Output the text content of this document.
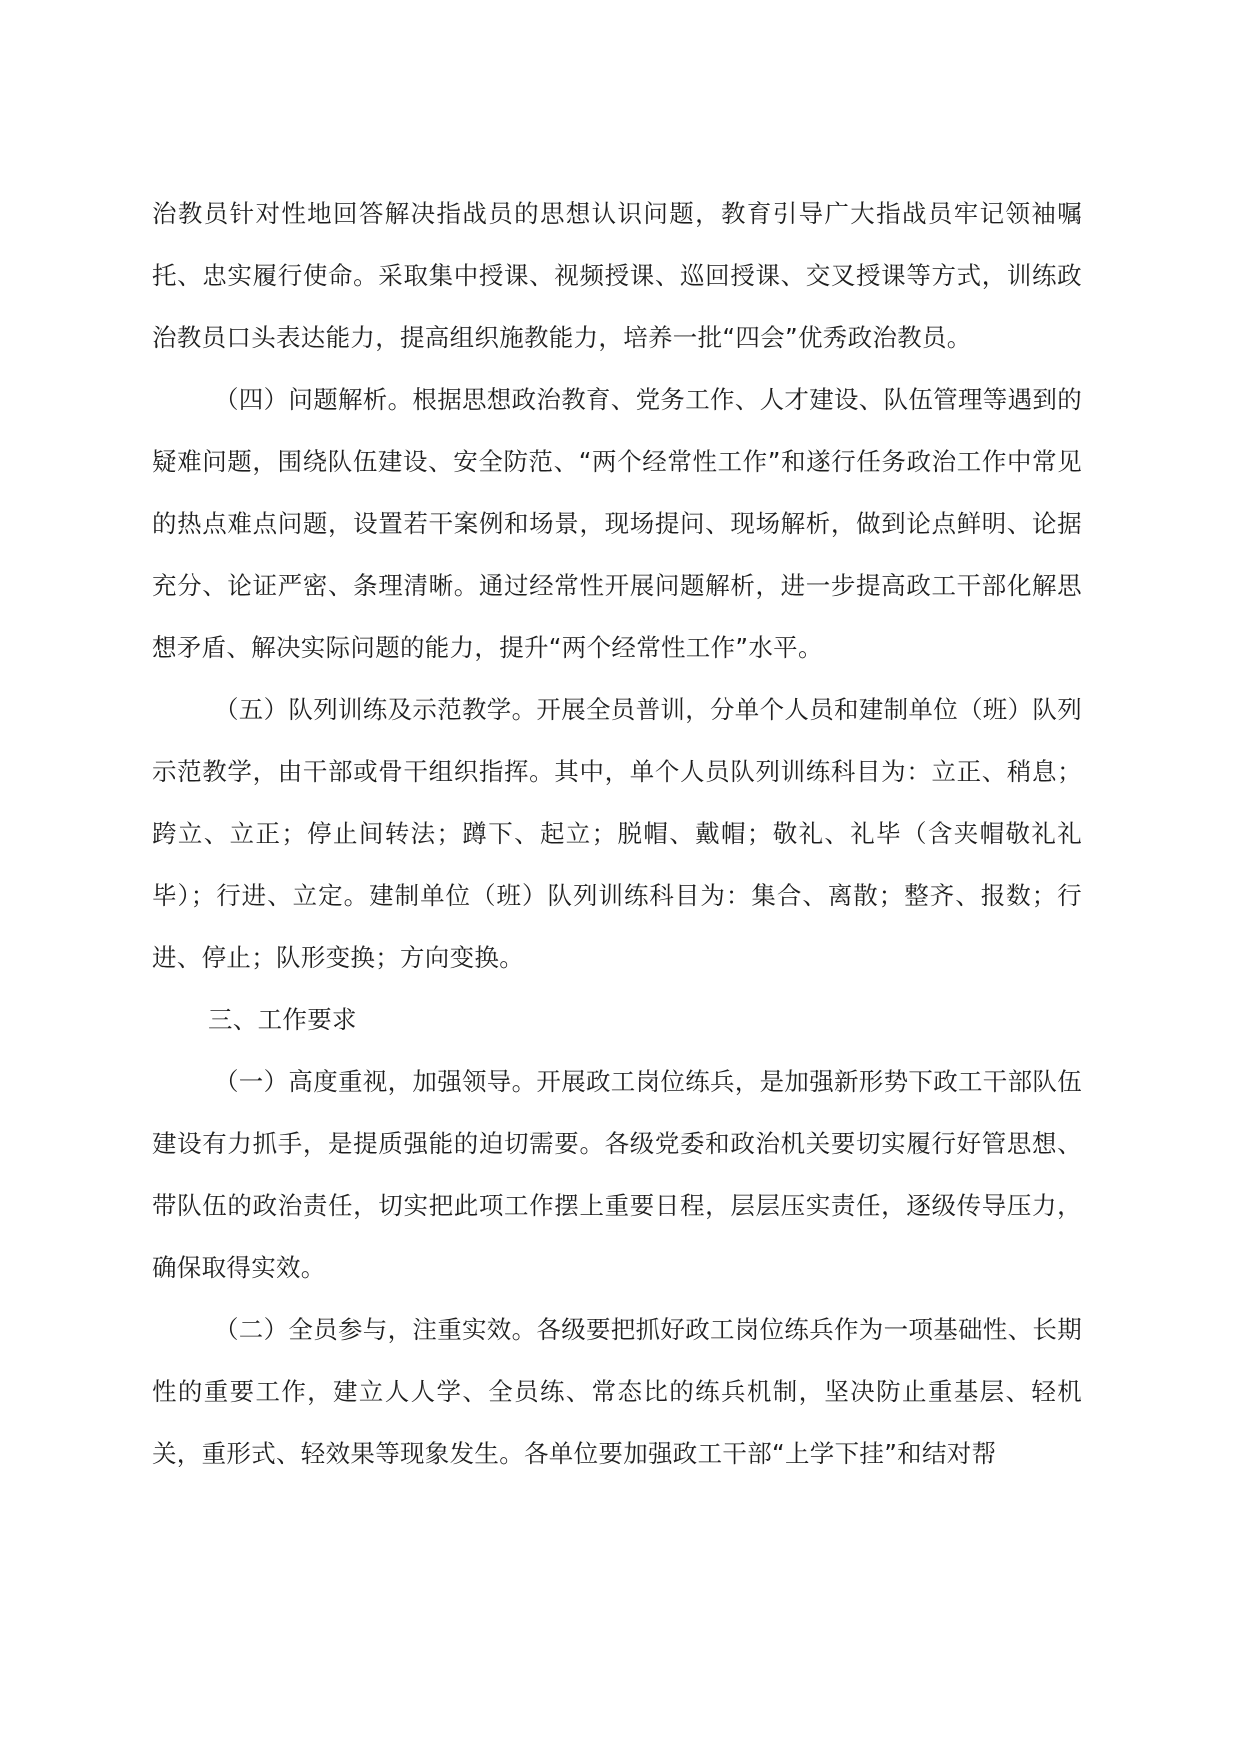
治教员针对性地回答解决指战员的思想认识问题，教育引导广大指战员牢记领袖嘱托、忠实履行使命。采取集中授课、视频授课、巡回授课、交叉授课等方式，训练政治教员口头表达能力，提高组织施教能力，培养一批“四会”优秀政治教员。

（四）问题解析。根据思想政治教育、党务工作、人才建设、队伍管理等遇到的疑难问题，围绕队伍建设、安全防范、“两个经常性工作”和遂行任务政治工作中常见的热点难点问题，设置若干案例和场景，现场提问、现场解析，做到论点鲜明、论据充分、论证严密、条理清晰。通过经常性开展问题解析，进一步提高政工干部化解思想矛盾、解决实际问题的能力，提升“两个经常性工作”水平。

（五）队列训练及示范教学。开展全员普训，分单个人员和建制单位（班）队列示范教学，由干部或骨干组织指挥。其中，单个人员队列训练科目为：立正、稍息；跨立、立正；停止间转法；蹲下、起立；脱帽、戴帽；敬礼、礼毕（含夹帽敬礼礼毕）；行进、立定。建制单位（班）队列训练科目为：集合、离散；整齐、报数；行进、停止；队形变换；方向变换。

三、工作要求

（一）高度重视，加强领导。开展政工岗位练兵，是加强新形势下政工干部队伍建设有力抓手，是提质强能的迫切需要。各级党委和政治机关要切实履行好管思想、带队伍的政治责任，切实把此项工作摆上重要日程，层层压实责任，逐级传导压力，确保取得实效。

（二）全员参与，注重实效。各级要把抓好政工岗位练兵作为一项基础性、长期性的重要工作，建立人人学、全员练、常态比的练兵机制，坚决防止重基层、轻机关，重形式、轻效果等现象发生。各单位要加强政工干部“上学下挂”和结对帮
